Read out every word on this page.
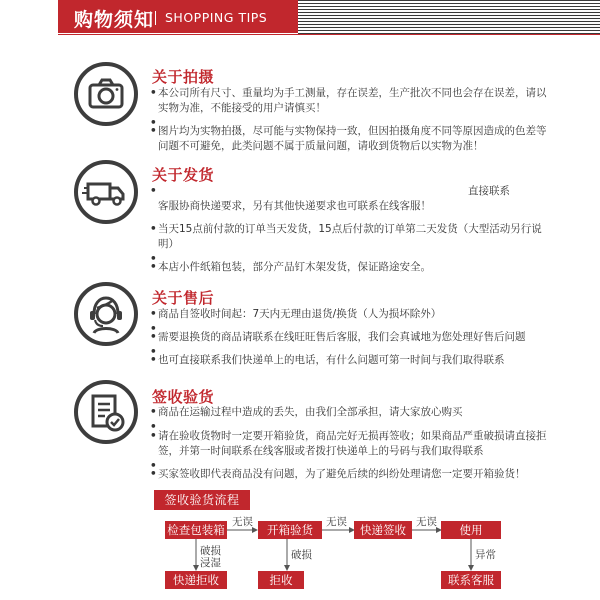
购物须知 SHOPPING TIPS
关于拍摄
• 本公司所有尺寸、重量均为手工测量，存在误差，生产批次不同也会存在误差，请以实物为准，不能接受的用户请慎买！
•
• 图片均为实物拍摄，尽可能与实物保持一致，但因拍摄角度不同等原因造成的色差等问题不可避免，此类问题不属于质量问题，请收到货物后以实物为准！
关于发货
•	直接联系
客服协商快递要求，另有其他快递要求也可联系在线客服！
• 当天15点前付款的订单当天发货，15点后付款的订单第二天发货（大型活动另行说明）
•
• 本店小件纸箱包装，部分产品钉木架发货，保证路途安全。
关于售后
• 商品自签收时间起：7天内无理由退货/换货（人为损坏除外）
•
• 需要退换货的商品请联系在线旺旺售后客服，我们会真诚地为您处理好售后问题
•
• 也可直接联系我们快递单上的电话，有什么问题可第一时间与我们取得联系
签收验货
• 商品在运输过程中造成的丢失，由我们全部承担，请大家放心购买
•
• 请在验收货物时一定要开箱验货，商品完好无损再签收；如果商品严重破损请直接拒签，并第一时间联系在线客服或者拨打快递单上的号码与我们取得联系
•
• 买家签收即代表商品没有问题，为了避免后续的纠纷处理请您一定要开箱验货！
签收验货流程
检查包装箱	开箱验货	快递签收	使用
快递拒收	拒收	联系客服
无误	无误	无误
破损
浸湿
破损	异常
